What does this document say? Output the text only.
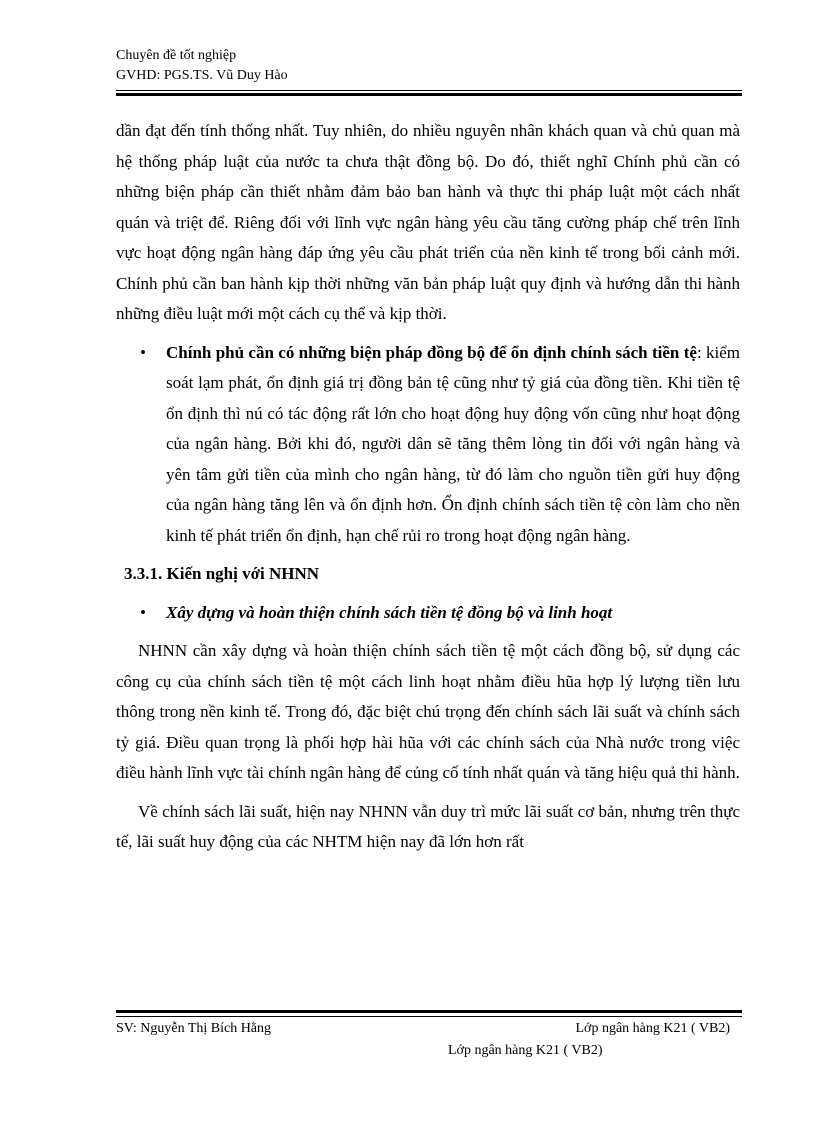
Chuyên đề tốt nghiệp
GVHD: PGS.TS. Vũ Duy Hào

dần đạt đến tính thống nhất. Tuy nhiên, do nhiều nguyên nhân khách quan và chủ quan mà hệ thống pháp luật của nước ta chưa thật đồng bộ. Do đó, thiết nghĩ Chính phủ cần có những biện pháp cần thiết nhằm đảm bảo ban hành và thực thi pháp luật một cách nhất quán và triệt để. Riêng đối với lĩnh vực ngân hàng yêu cầu tăng cường pháp chế trên lĩnh vực hoạt động ngân hàng đáp ứng yêu cầu phát triển của nền kinh tế trong bối cảnh mới. Chính phủ cần ban hành kịp thời những văn bản pháp luật quy định và hướng dẫn thi hành những điều luật mới một cách cụ thể và kịp thời.

• Chính phủ cần có những biện pháp đồng bộ để ổn định chính sách tiền tệ: kiểm soát lạm phát, ổn định giá trị đồng bản tệ cũng như tỷ giá của đồng tiền. Khi tiền tệ ổn định thì nú có tác động rất lớn cho hoạt động huy động vốn cũng như hoạt động của ngân hàng. Bởi khi đó, người dân sẽ tăng thêm lòng tin đối với ngân hàng và yên tâm gửi tiền của mình cho ngân hàng, từ đó làm cho nguồn tiền gửi huy động của ngân hàng tăng lên và ổn định hơn. Ổn định chính sách tiền tệ còn làm cho nền kinh tế phát triển ổn định, hạn chế rủi ro trong hoạt động ngân hàng.

3.3.1. Kiến nghị với NHNN

• Xây dựng và hoàn thiện chính sách tiền tệ đồng bộ và linh hoạt

NHNN cần xây dựng và hoàn thiện chính sách tiền tệ một cách đồng bộ, sử dụng các công cụ của chính sách tiền tệ một cách linh hoạt nhằm điều hũa hợp lý lượng tiền lưu thông trong nền kinh tế. Trong đó, đặc biệt chú trọng đến chính sách lãi suất và chính sách tỷ giá. Điều quan trọng là phối hợp hài hũa với các chính sách của Nhà nước trong việc điều hành lĩnh vực tài chính ngân hàng để củng cố tính nhất quán và tăng hiệu quả thi hành.

Về chính sách lãi suất, hiện nay NHNN vẫn duy trì mức lãi suất cơ bản, nhưng trên thực tế, lãi suất huy động của các NHTM hiện nay đã lớn hơn rất

SV: Nguyễn Thị Bích Hằng	Lớp ngân hàng K21 ( VB2)
Lớp ngân hàng K21 ( VB2)
